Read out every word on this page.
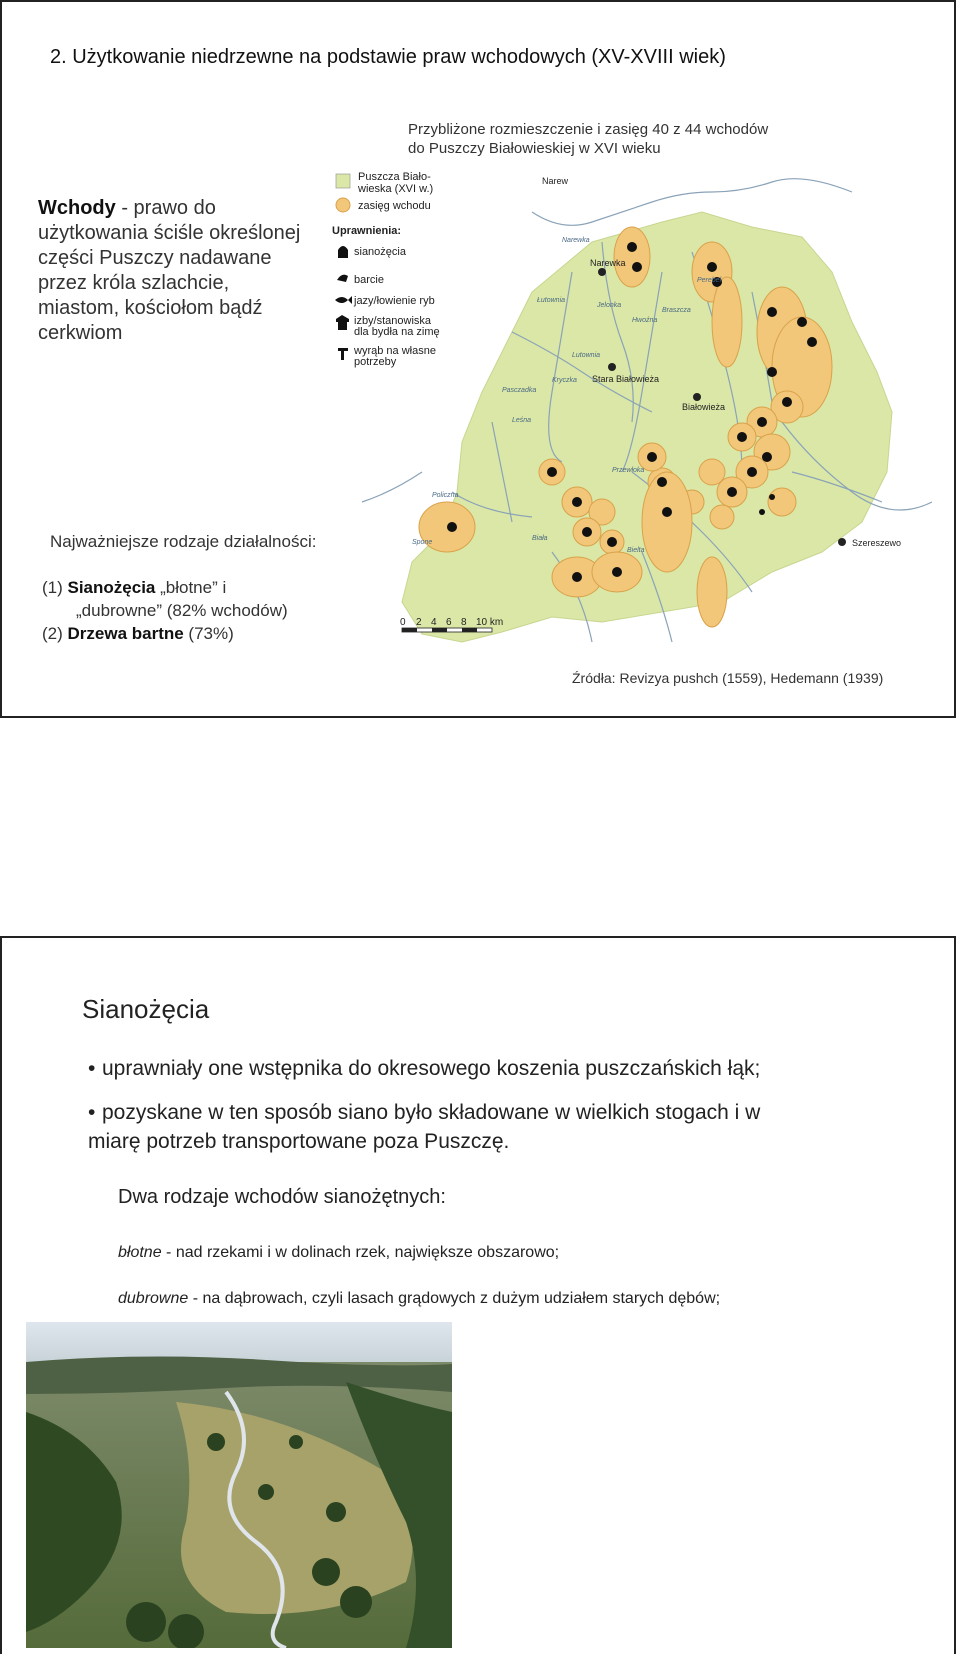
2. Użytkowanie niedrzewne na podstawie praw wchodowych (XV-XVIII wiek)
Przybliżone rozmieszczenie i zasięg 40 z 44 wchodów
do Puszczy Białowieskiej w XVI wieku
Wchody - prawo do użytkowania ściśle określonej części Puszczy nadawane przez króla szlachcie, miastom, kościołom bądź cerkwiom
Najważniejsze rodzaje działalności:
(1) Sianożęcia „błotne” i
„dubrowne” (82% wchodów)
(2) Drzewa bartne (73%)
Narewka
Stara Białowieża
Białowieża
Szereszewo
Narew
Narewka
Łutownia
Jelonka
Braszcza
Hwoźna
Perebel
Leśna
Przewłoka
Policzna
Spone
Biała
Bielta
Kryczka
Pasczadka
Lutownia
Puszcza Biało-
wieska (XVI w.)
zasięg wchodu
Uprawnienia:
sianożęcia
barcie
jazy/łowienie ryb
izby/stanowiska
dla bydła na zimę
wyrąb na własne
potrzeby
0 2 4 6 8 10 km
Źródła: Revizya pushch (1559), Hedemann (1939)
Sianożęcia
• uprawniały one wstępnika do okresowego koszenia puszczańskich łąk;
• pozyskane w ten sposób siano było składowane w wielkich stogach i w
miarę potrzeb transportowane poza Puszczę.
Dwa rodzaje wchodów sianożętnych:
błotne - nad rzekami i w dolinach rzek, największe obszarowo;
dubrowne - na dąbrowach, czyli lasach grądowych z dużym udziałem starych dębów;
